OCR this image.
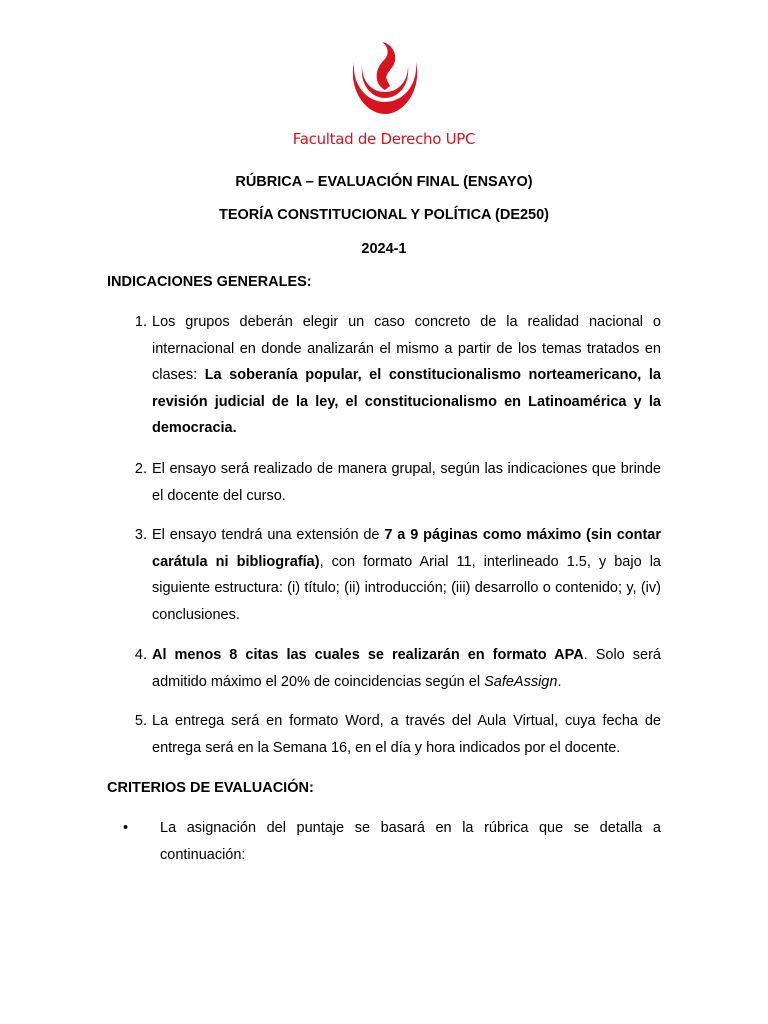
Facultad de Derecho UPC
RÚBRICA – EVALUACIÓN FINAL (ENSAYO)
TEORÍA CONSTITUCIONAL Y POLÍTICA (DE250)
2024-1
INDICACIONES GENERALES:
1. Los grupos deberán elegir un caso concreto de la realidad nacional o internacional en donde analizarán el mismo a partir de los temas tratados en clases: La soberanía popular, el constitucionalismo norteamericano, la revisión judicial de la ley, el constitucionalismo en Latinoamérica y la democracia.
2. El ensayo será realizado de manera grupal, según las indicaciones que brinde el docente del curso.
3. El ensayo tendrá una extensión de 7 a 9 páginas como máximo (sin contar carátula ni bibliografía), con formato Arial 11, interlineado 1.5, y bajo la siguiente estructura: (i) título; (ii) introducción; (iii) desarrollo o contenido; y, (iv) conclusiones.
4. Al menos 8 citas las cuales se realizarán en formato APA. Solo será admitido máximo el 20% de coincidencias según el SafeAssign.
5. La entrega será en formato Word, a través del Aula Virtual, cuya fecha de entrega será en la Semana 16, en el día y hora indicados por el docente.
CRITERIOS DE EVALUACIÓN:
• La asignación del puntaje se basará en la rúbrica que se detalla a continuación:
